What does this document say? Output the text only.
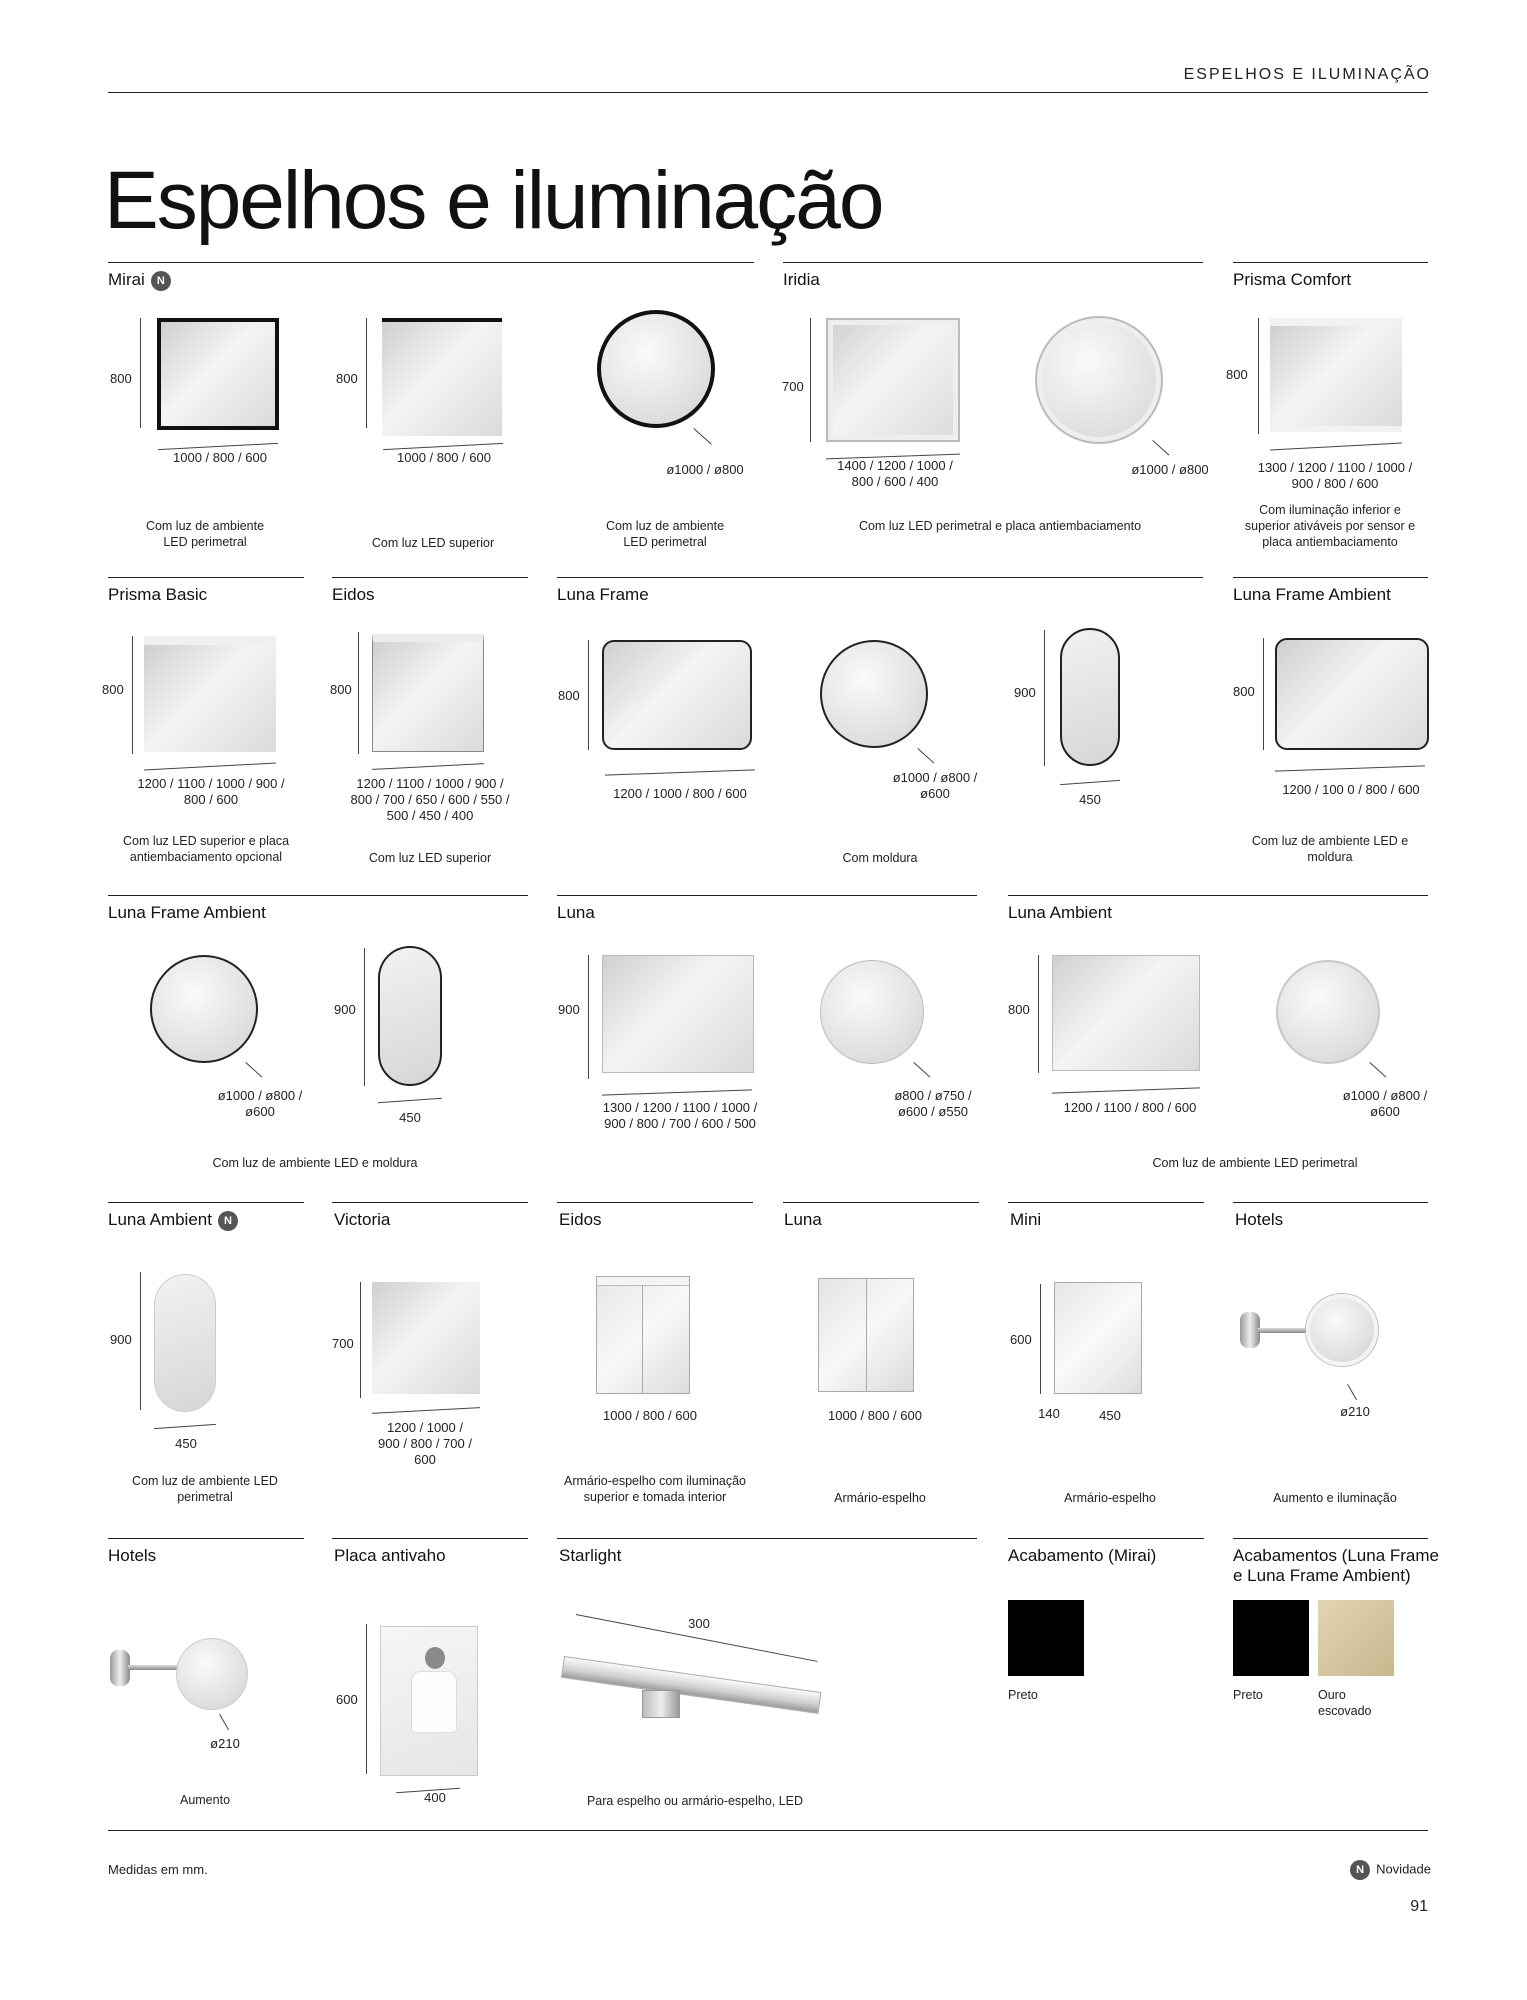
ESPELHOS E ILUMINAÇÃO
Espelhos e iluminação
Mirai N
800
1000 / 800 / 600
Com luz de ambiente
LED perimetral
800
1000 / 800 / 600
Com luz LED superior
ø1000 / ø800
Com luz de ambiente
LED perimetral
Iridia
700
1400 / 1200 / 1000 /
800 / 600 / 400
ø1000 / ø800
Com luz LED perimetral e placa antiembaciamento
Prisma Comfort
800
1300 / 1200 / 1100 / 1000 /
900 / 800 / 600
Com iluminação inferior e
superior ativáveis por sensor e
placa antiembaciamento
Prisma Basic
800
1200 / 1100 / 1000 / 900 /
800 / 600
Com luz LED superior e placa
antiembaciamento opcional
Eidos
800
1200 / 1100 / 1000 / 900 /
800 / 700 / 650 / 600 / 550 /
500 / 450 / 400
Com luz LED superior
Luna Frame
800
1200 / 1000 / 800 / 600
ø1000 / ø800 /
ø600
900
450
Com moldura
Luna Frame Ambient
800
1200 / 100 0 / 800 / 600
Com luz de ambiente LED e
moldura
Luna Frame Ambient
ø1000 / ø800 /
ø600
900
450
Com luz de ambiente LED e moldura
Luna
900
1300 / 1200 / 1100 / 1000 /
900 / 800 / 700 / 600 / 500
ø800 / ø750 /
ø600 / ø550
Luna Ambient
800
1200 / 1100 / 800 / 600
ø1000 / ø800 /
ø600
Com luz de ambiente LED perimetral
Luna Ambient N
900
450
Com luz de ambiente LED
perimetral
Victoria
700
1200 / 1000 /
900 / 800 / 700 /
600
Eidos
1000 / 800 / 600
Armário-espelho com iluminação
superior e tomada interior
Luna
1000 / 800 / 600
Armário-espelho
Mini
600
140	450
Armário-espelho
Hotels
ø210
Aumento e iluminação
Hotels
ø210
Aumento
Placa antivaho
600
400
Starlight
300
Para espelho ou armário-espelho, LED
Acabamento (Mirai)
Preto
Acabamentos (Luna Frame
e Luna Frame Ambient)
Preto	Ouro
escovado
Medidas em mm.	N Novidade
91
